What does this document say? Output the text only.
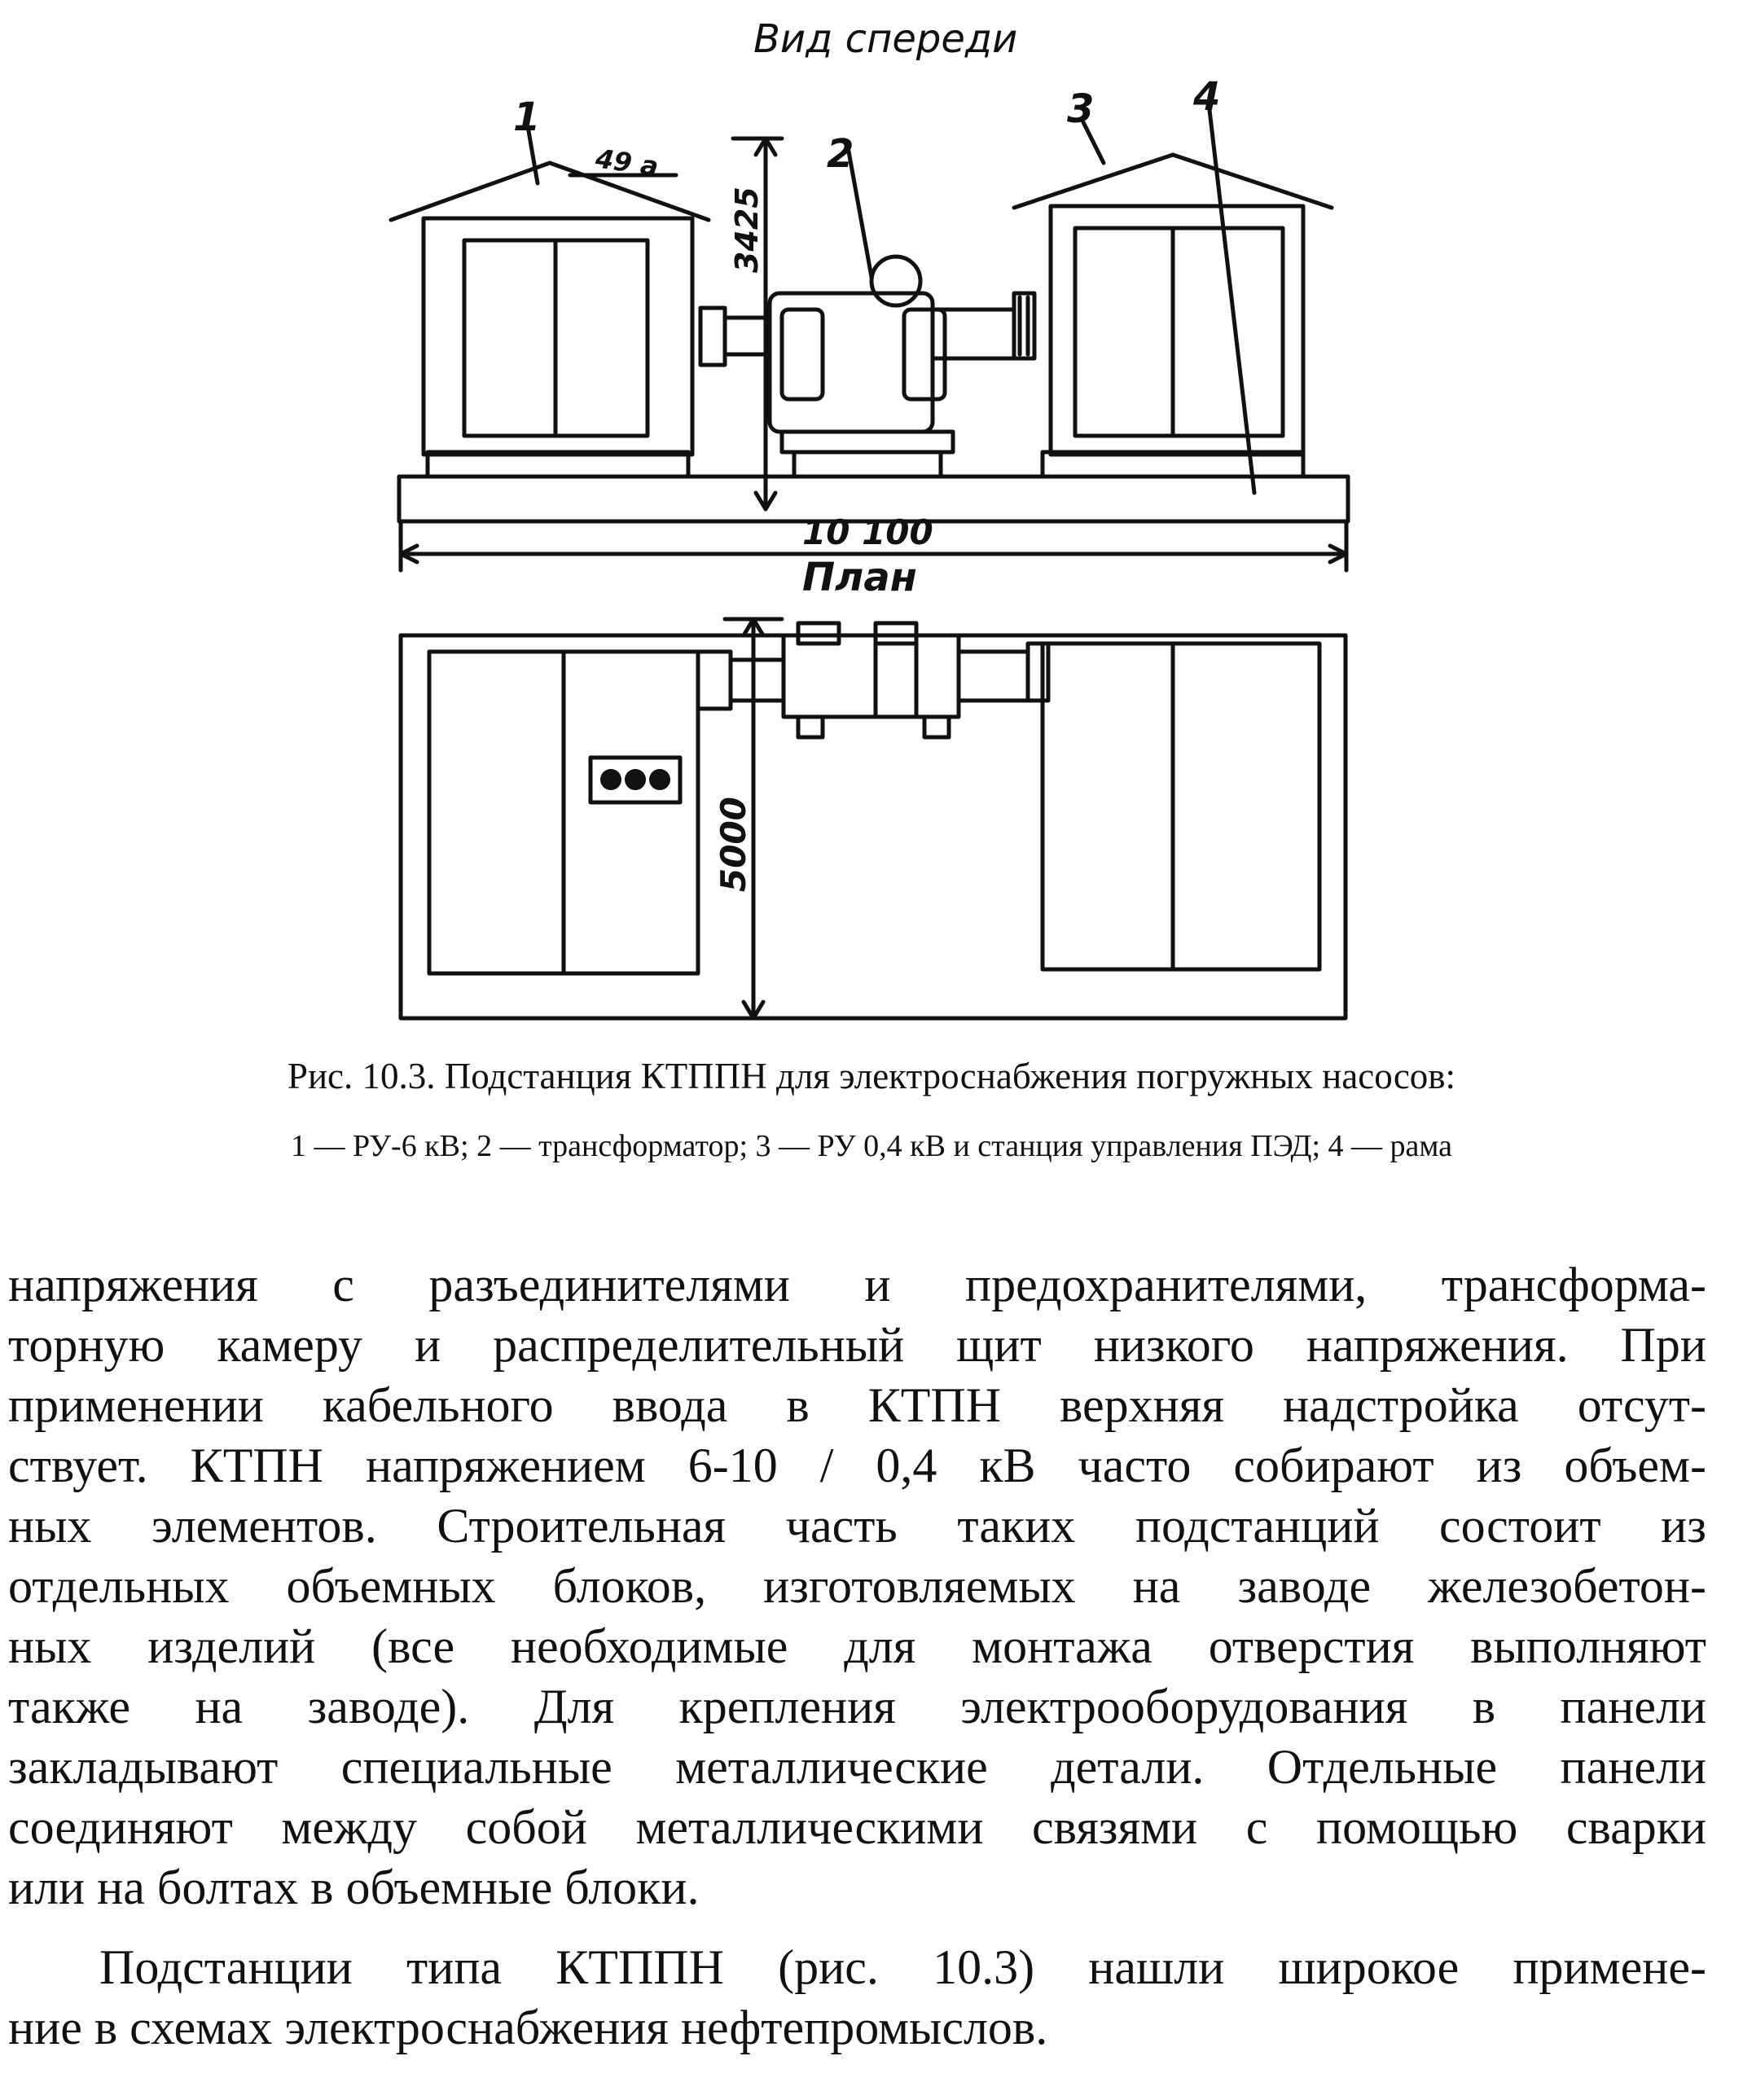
Вид спереди
1
2
3	4
49 а
3425
10 100
5000
План
Рис. 10.3. Подстанция КТППН для электроснабжения погружных насосов:
1 — РУ-6 кВ; 2 — трансформатор; 3 — РУ 0,4 кВ и станция управления ПЭД; 4 — рама
напряжения с разъединителями и предохранителями, трансформа-
торную камеру и распределительный щит низкого напряжения. При
применении кабельного ввода в КТПН верхняя надстройка отсут-
ствует. КТПН напряжением 6-10 / 0,4 кВ часто собирают из объем-
ных элементов. Строительная часть таких подстанций состоит из
отдельных объемных блоков, изготовляемых на заводе железобетон-
ных изделий (все необходимые для монтажа отверстия выполняют
также на заводе). Для крепления электрооборудования в панели
закладывают специальные металлические детали. Отдельные панели
соединяют между собой металлическими связями с помощью сварки
или на болтах в объемные блоки.
Подстанции типа КТППН (рис. 10.3) нашли широкое примене-
ние в схемах электроснабжения нефтепромыслов.
